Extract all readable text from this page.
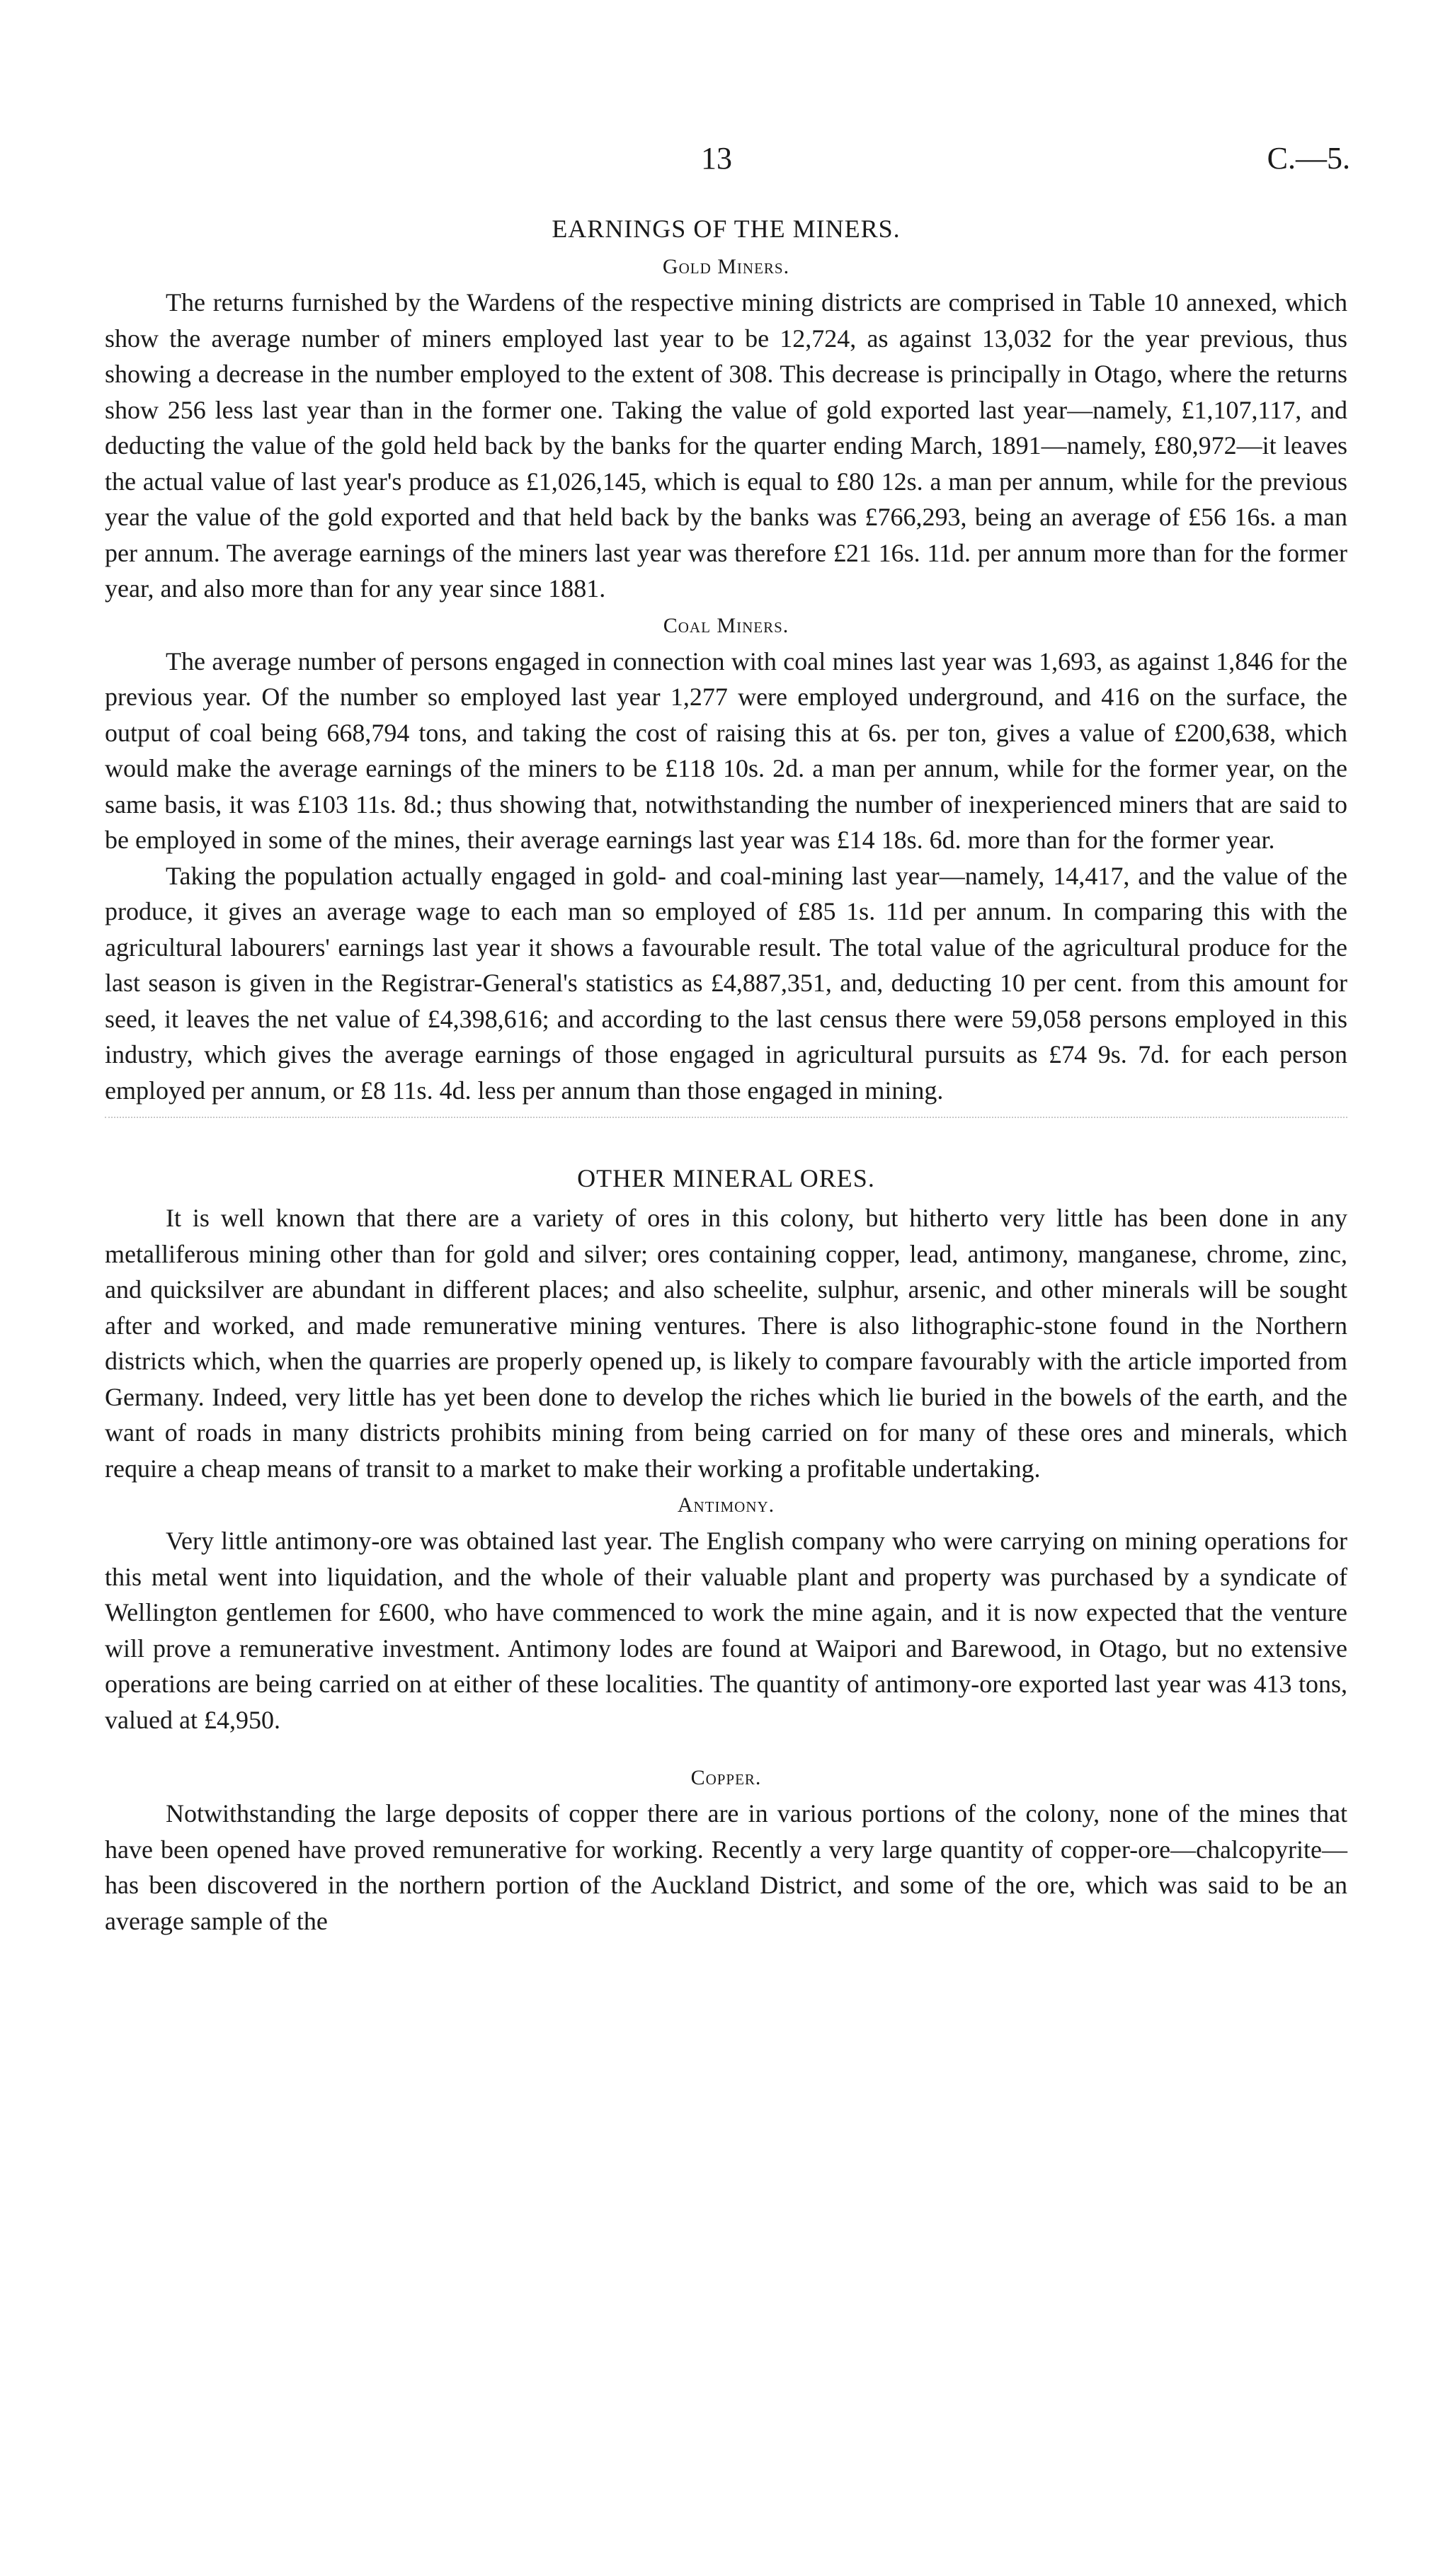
13	C.—5.
EARNINGS OF THE MINERS.
Gold Miners.

The returns furnished by the Wardens of the respective mining districts are comprised in Table 10 annexed, which show the average number of miners employed last year to be 12,724, as against 13,032 for the year previous, thus showing a decrease in the number employed to the extent of 308. This decrease is principally in Otago, where the returns show 256 less last year than in the former one. Taking the value of gold exported last year—namely, £1,107,117, and deducting the value of the gold held back by the banks for the quarter ending March, 1891—namely, £80,972—it leaves the actual value of last year's produce as £1,026,145, which is equal to £80 12s. a man per annum, while for the previous year the value of the gold exported and that held back by the banks was £766,293, being an average of £56 16s. a man per annum. The average earnings of the miners last year was therefore £21 16s. 11d. per annum more than for the former year, and also more than for any year since 1881.

Coal Miners.

The average number of persons engaged in connection with coal mines last year was 1,693, as against 1,846 for the previous year. Of the number so employed last year 1,277 were employed underground, and 416 on the surface, the output of coal being 668,794 tons, and taking the cost of raising this at 6s. per ton, gives a value of £200,638, which would make the average earnings of the miners to be £118 10s. 2d. a man per annum, while for the former year, on the same basis, it was £103 11s. 8d.; thus showing that, notwithstanding the number of inexperienced miners that are said to be employed in some of the mines, their average earnings last year was £14 18s. 6d. more than for the former year.

Taking the population actually engaged in gold- and coal-mining last year—namely, 14,417, and the value of the produce, it gives an average wage to each man so employed of £85 1s. 11d per annum. In comparing this with the agricultural labourers' earnings last year it shows a favourable result. The total value of the agricultural produce for the last season is given in the Registrar-General's statistics as £4,887,351, and, deducting 10 per cent. from this amount for seed, it leaves the net value of £4,398,616; and according to the last census there were 59,058 persons employed in this industry, which gives the average earnings of those engaged in agricultural pursuits as £74 9s. 7d. for each person employed per annum, or £8 11s. 4d. less per annum than those engaged in mining.

OTHER MINERAL ORES.

It is well known that there are a variety of ores in this colony, but hitherto very little has been done in any metalliferous mining other than for gold and silver; ores containing copper, lead, antimony, manganese, chrome, zinc, and quicksilver are abundant in different places; and also scheelite, sulphur, arsenic, and other minerals will be sought after and worked, and made remunerative mining ventures. There is also lithographic-stone found in the Northern districts which, when the quarries are properly opened up, is likely to compare favourably with the article imported from Germany. Indeed, very little has yet been done to develop the riches which lie buried in the bowels of the earth, and the want of roads in many districts prohibits mining from being carried on for many of these ores and minerals, which require a cheap means of transit to a market to make their working a profitable undertaking.

Antimony.

Very little antimony-ore was obtained last year. The English company who were carrying on mining operations for this metal went into liquidation, and the whole of their valuable plant and property was purchased by a syndicate of Wellington gentlemen for £600, who have commenced to work the mine again, and it is now expected that the venture will prove a remunerative investment. Antimony lodes are found at Waipori and Barewood, in Otago, but no extensive operations are being carried on at either of these localities. The quantity of antimony-ore exported last year was 413 tons, valued at £4,950.

Copper.

Notwithstanding the large deposits of copper there are in various portions of the colony, none of the mines that have been opened have proved remunerative for working. Recently a very large quantity of copper-ore—chalcopyrite—has been discovered in the northern portion of the Auckland District, and some of the ore, which was said to be an average sample of the
